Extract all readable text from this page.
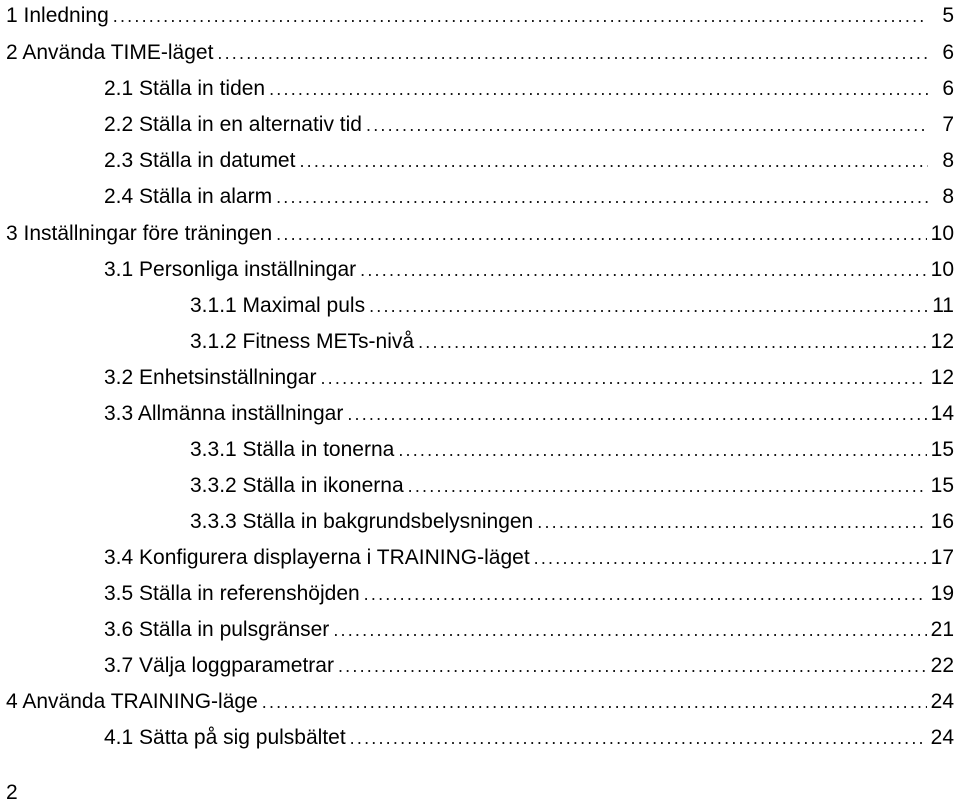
1 Inledning .....	5
2 Använda TIME-läget .....	6
2.1 Ställa in tiden .....	6
2.2 Ställa in en alternativ tid .....	7
2.3 Ställa in datumet .....	8
2.4 Ställa in alarm .....	8
3 Inställningar före träningen .....	10
3.1 Personliga inställningar .....	10
3.1.1 Maximal puls .....	11
3.1.2 Fitness METs-nivå .....	12
3.2 Enhetsinställningar .....	12
3.3 Allmänna inställningar .....	14
3.3.1 Ställa in tonerna .....	15
3.3.2 Ställa in ikonerna .....	15
3.3.3 Ställa in bakgrundsbelysningen .....	16
3.4 Konfigurera displayerna i TRAINING-läget .....	17
3.5 Ställa in referenshöjden .....	19
3.6 Ställa in pulsgränser .....	21
3.7 Välja loggparametrar .....	22
4 Använda TRAINING-läge .....	24
4.1 Sätta på sig pulsbältet .....	24
2
